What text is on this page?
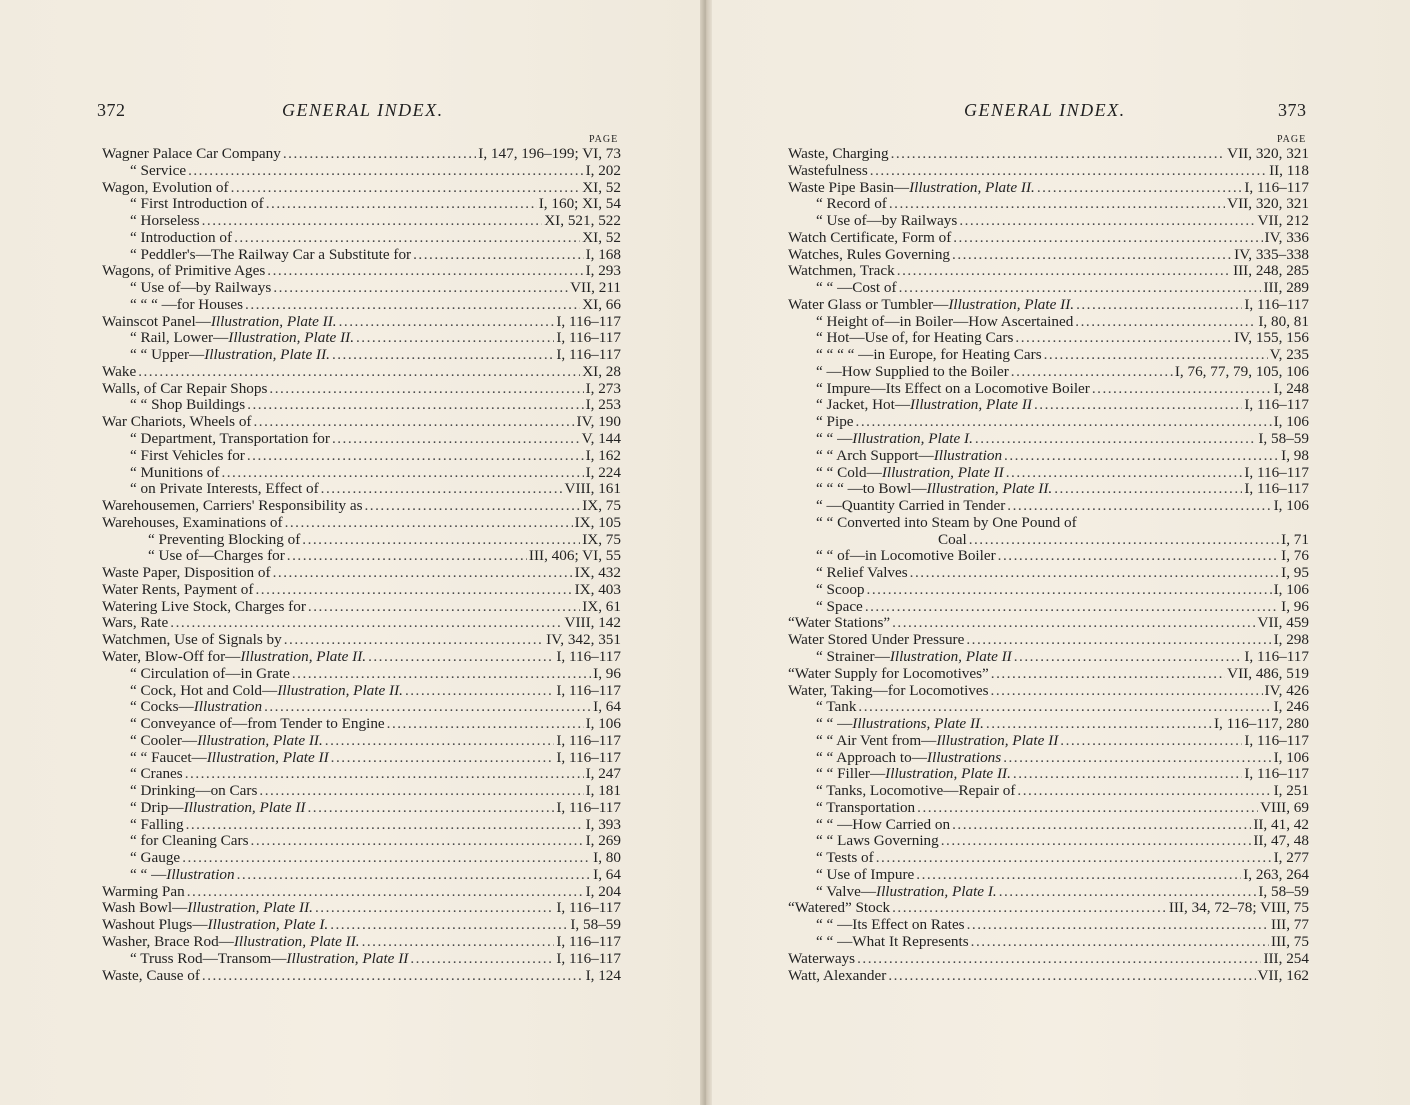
372	GENERAL INDEX.
PAGE
Wagner Palace Car Company .....	I, 147, 196–199; VI, 73
“ Service .....	I, 202
Wagon, Evolution of .....	XI, 52
“ First Introduction of .....	I, 160; XI, 54
“ Horseless .....	XI, 521, 522
“ Introduction of .....	XI, 52
“ Peddler's—The Railway Car a Substitute for .....	I, 168
Wagons, of Primitive Ages .....	I, 293
“ Use of—by Railways .....	VII, 211
“ “ “ —for Houses .....	XI, 66
Wainscot Panel—Illustration, Plate II. .....	I, 116–117
“ Rail, Lower—Illustration, Plate II. .....	I, 116–117
“ “ Upper—Illustration, Plate II. .....	I, 116–117
Wake .....	XI, 28
Walls, of Car Repair Shops .....	I, 273
“ “ Shop Buildings .....	I, 253
War Chariots, Wheels of .....	IV, 190
“ Department, Transportation for .....	V, 144
“ First Vehicles for .....	I, 162
“ Munitions of .....	I, 224
“ on Private Interests, Effect of .....	VIII, 161
Warehousemen, Carriers' Responsibility as .....	IX, 75
Warehouses, Examinations of .....	IX, 105
“ Preventing Blocking of .....	IX, 75
“ Use of—Charges for .....	III, 406; VI, 55
Waste Paper, Disposition of .....	IX, 432
Water Rents, Payment of .....	IX, 403
Watering Live Stock, Charges for .....	IX, 61
Wars, Rate .....	VIII, 142
Watchmen, Use of Signals by .....	IV, 342, 351
Water, Blow-Off for—Illustration, Plate II. .....	I, 116–117
“ Circulation of—in Grate .....	I, 96
“ Cock, Hot and Cold—Illustration, Plate II. .....	I, 116–117
“ Cocks—Illustration .....	I, 64
“ Conveyance of—from Tender to Engine .....	I, 106
“ Cooler—Illustration, Plate II. .....	I, 116–117
“ “ Faucet—Illustration, Plate II .....	I, 116–117
“ Cranes .....	I, 247
“ Drinking—on Cars .....	I, 181
“ Drip—Illustration, Plate II .....	I, 116–117
“ Falling .....	I, 393
“ for Cleaning Cars .....	I, 269
“ Gauge .....	I, 80
“ “ —Illustration .....	I, 64
Warming Pan .....	I, 204
Wash Bowl—Illustration, Plate II. .....	I, 116–117
Washout Plugs—Illustration, Plate I. .....	I, 58–59
Washer, Brace Rod—Illustration, Plate II. .....	I, 116–117
“ Truss Rod—Transom—Illustration, Plate II .....	I, 116–117
Waste, Cause of .....	I, 124
GENERAL INDEX.	373
PAGE
Waste, Charging .....	VII, 320, 321
Wastefulness .....	II, 118
Waste Pipe Basin—Illustration, Plate II. .....	I, 116–117
“ Record of .....	VII, 320, 321
“ Use of—by Railways .....	VII, 212
Watch Certificate, Form of .....	IV, 336
Watches, Rules Governing .....	IV, 335–338
Watchmen, Track .....	III, 248, 285
“ “ —Cost of .....	III, 289
Water Glass or Tumbler—Illustration, Plate II. .....	I, 116–117
“ Height of—in Boiler—How Ascertained .....	I, 80, 81
“ Hot—Use of, for Heating Cars .....	IV, 155, 156
“ “ “ “ —in Europe, for Heating Cars .....	V, 235
“ —How Supplied to the Boiler .....	I, 76, 77, 79, 105, 106
“ Impure—Its Effect on a Locomotive Boiler .....	I, 248
“ Jacket, Hot—Illustration, Plate II .....	I, 116–117
“ Pipe .....	I, 106
“ “ —Illustration, Plate I. .....	I, 58–59
“ “ Arch Support—Illustration .....	I, 98
“ “ Cold—Illustration, Plate II .....	I, 116–117
“ “ “ —to Bowl—Illustration, Plate II. .....	I, 116–117
“ —Quantity Carried in Tender .....	I, 106
“ “ Converted into Steam by One Pound of
Coal .....	I, 71
“ “ of—in Locomotive Boiler .....	I, 76
“ Relief Valves .....	I, 95
“ Scoop .....	I, 106
“ Space .....	I, 96
“Water Stations” .....	VII, 459
Water Stored Under Pressure .....	I, 298
“ Strainer—Illustration, Plate II .....	I, 116–117
“Water Supply for Locomotives” .....	VII, 486, 519
Water, Taking—for Locomotives .....	IV, 426
“ Tank .....	I, 246
“ “ —Illustrations, Plate II. .....	I, 116–117, 280
“ “ Air Vent from—Illustration, Plate II .....	I, 116–117
“ “ Approach to—Illustrations .....	I, 106
“ “ Filler—Illustration, Plate II. .....	I, 116–117
“ Tanks, Locomotive—Repair of .....	I, 251
“ Transportation .....	VIII, 69
“ “ —How Carried on .....	II, 41, 42
“ “ Laws Governing .....	II, 47, 48
“ Tests of .....	I, 277
“ Use of Impure .....	I, 263, 264
“ Valve—Illustration, Plate I. .....	I, 58–59
“Watered” Stock .....	III, 34, 72–78; VIII, 75
“ “ —Its Effect on Rates .....	III, 77
“ “ —What It Represents .....	III, 75
Waterways .....	III, 254
Watt, Alexander .....	VII, 162
